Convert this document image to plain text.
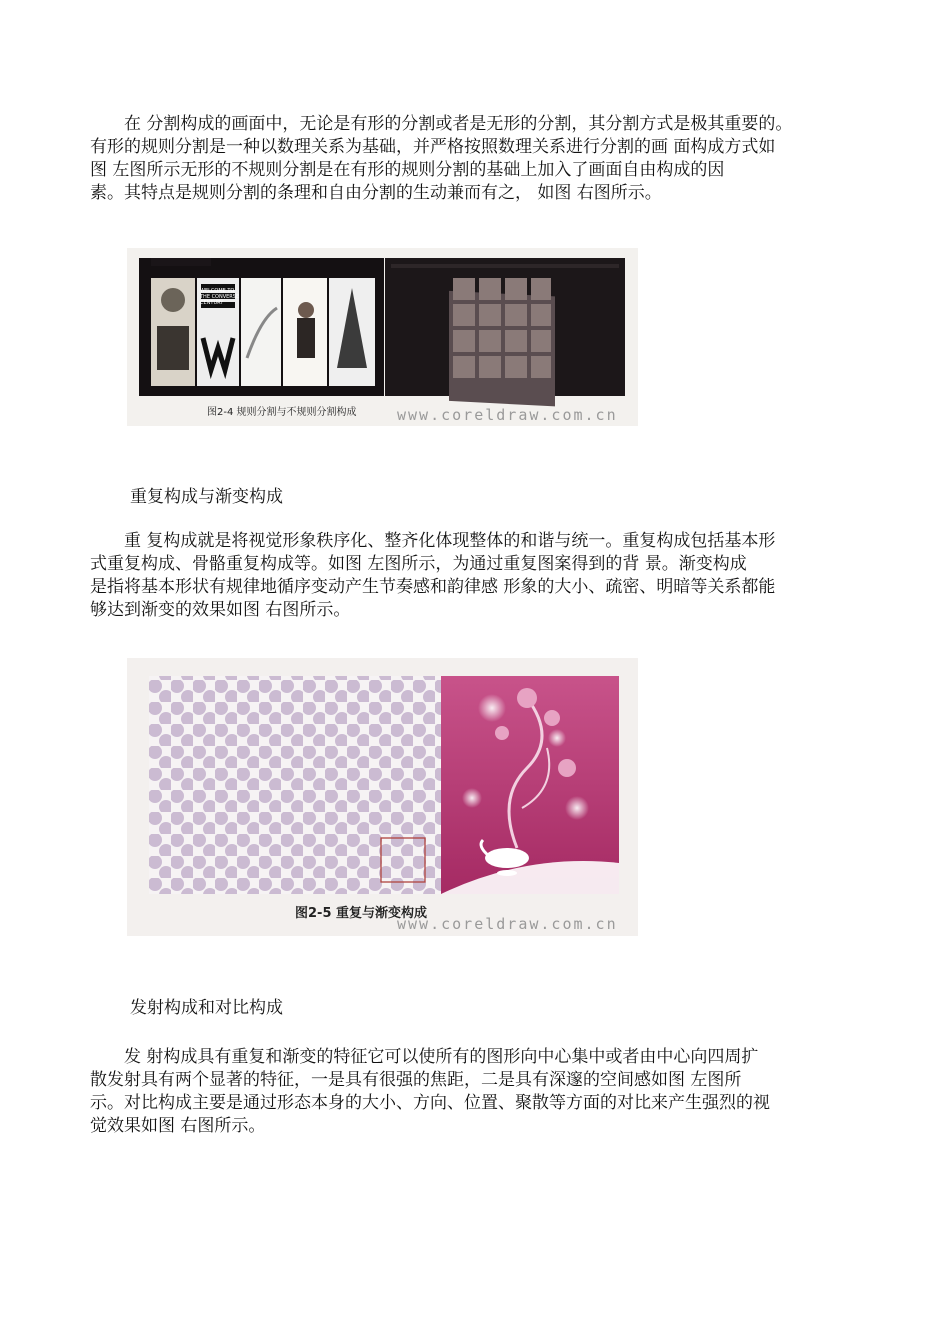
　　在 分割构成的画面中，无论是有形的分割或者是无形的分割，其分割方式是极其重要的。
有形的规则分割是一种以数理关系为基础，并严格按照数理关系进行分割的画 面构成方式如
图 左图所示无形的不规则分割是在有形的规则分割的基础上加入了画面自由构成的因
素。其特点是规则分割的条理和自由分割的生动兼而有之， 如图 右图所示。

WELCOME TO THE CONVERSE CENTURY
图2-4 规则分割与不规则分割构成	www.coreldraw.com.cn
重复构成与渐变构成

　　重 复构成就是将视觉形象秩序化、整齐化体现整体的和谐与统一。重复构成包括基本形
式重复构成、骨骼重复构成等。如图 左图所示，为通过重复图案得到的背 景。渐变构成
是指将基本形状有规律地循序变动产生节奏感和韵律感 形象的大小、疏密、明暗等关系都能
够达到渐变的效果如图 右图所示。

图2-5 重复与渐变构成
www.coreldraw.com.cn
发射构成和对比构成

　　发 射构成具有重复和渐变的特征它可以使所有的图形向中心集中或者由中心向四周扩
散发射具有两个显著的特征，一是具有很强的焦距，二是具有深邃的空间感如图 左图所
示。对比构成主要是通过形态本身的大小、方向、位置、聚散等方面的对比来产生强烈的视
觉效果如图 右图所示。
